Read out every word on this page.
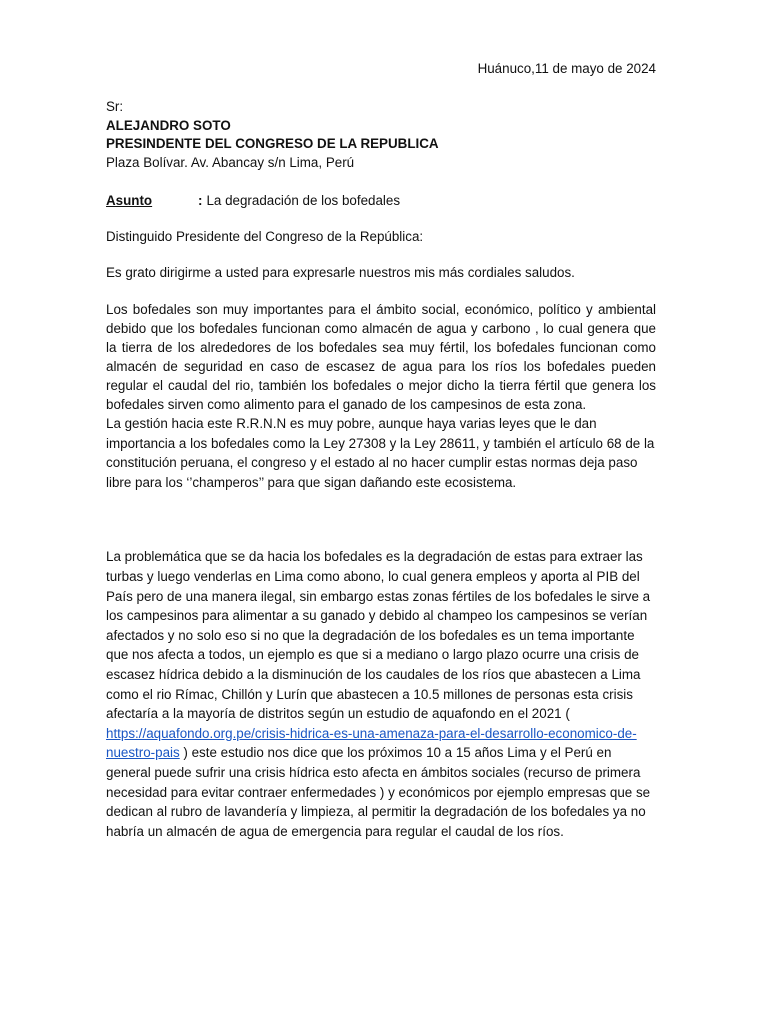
Huánuco,11 de mayo de 2024

Sr:
ALEJANDRO SOTO
PRESINDENTE DEL CONGRESO DE LA REPUBLICA
Plaza Bolívar. Av. Abancay s/n Lima, Perú
Asunto	: La degradación de los bofedales
Distinguido Presidente del Congreso de la República:
Es grato dirigirme a usted para expresarle nuestros mis más cordiales saludos.

Los bofedales son muy importantes para el ámbito social, económico, político y ambiental debido que los bofedales funcionan como almacén de agua y carbono , lo cual genera que la tierra de los alrededores de los bofedales sea muy fértil, los bofedales funcionan como almacén de seguridad en caso de escasez de agua para los ríos los bofedales pueden regular el caudal del rio, también los bofedales o mejor dicho la tierra fértil que genera los bofedales sirven como alimento para el ganado de los campesinos de esta zona.

La gestión hacia este R.R.N.N es muy pobre, aunque haya varias leyes que le dan importancia a los bofedales como la Ley 27308 y la Ley 28611, y también el artículo 68 de la constitución peruana, el congreso y el estado al no hacer cumplir estas normas deja paso libre para los ‘’champeros’’ para que sigan dañando este ecosistema.

La problemática que se da hacia los bofedales es la degradación de estas para extraer las turbas y luego venderlas en Lima como abono, lo cual genera empleos y aporta al PIB del País pero de una manera ilegal, sin embargo estas zonas fértiles de los bofedales le sirve a los campesinos para alimentar a su ganado y debido al champeo los campesinos se verían afectados y no solo eso si no que la degradación de los bofedales es un tema importante que nos afecta a todos, un ejemplo es que si a mediano o largo plazo ocurre una crisis de escasez hídrica debido a la disminución de los caudales de los ríos que abastecen a Lima como el rio Rímac, Chillón y Lurín que abastecen a 10.5 millones de personas esta crisis afectaría a la mayoría de distritos según un estudio de aquafondo en el 2021 ( https://aquafondo.org.pe/crisis-hidrica-es-una-amenaza-para-el-desarrollo-economico-de-nuestro-pais ) este estudio nos dice que los próximos 10 a 15 años Lima y el Perú en general puede sufrir una crisis hídrica esto afecta en ámbitos sociales (recurso de primera necesidad para evitar contraer enfermedades ) y económicos por ejemplo empresas que se dedican al rubro de lavandería y limpieza, al permitir la degradación de los bofedales ya no habría un almacén de agua de emergencia para regular el caudal de los ríos.
